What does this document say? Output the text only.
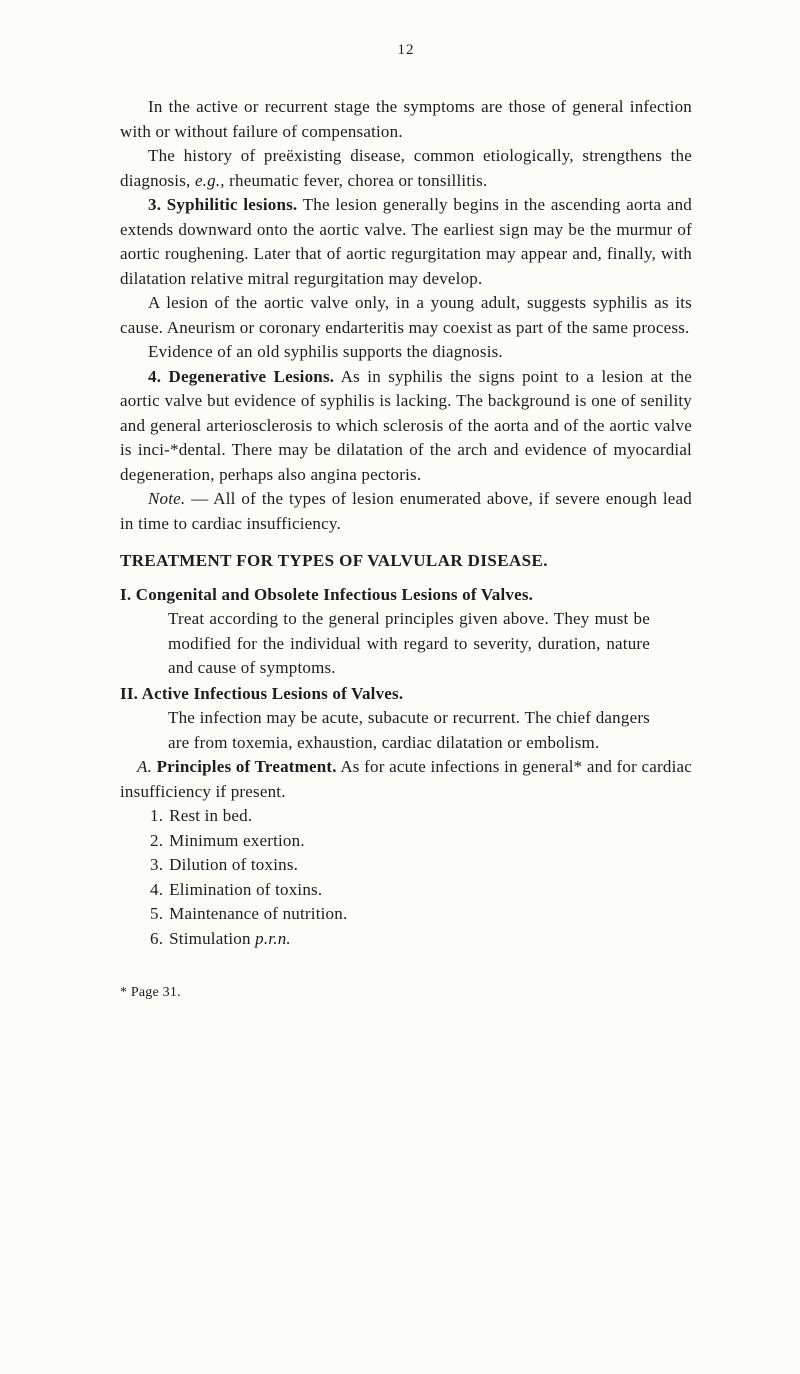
12

In the active or recurrent stage the symptoms are those of general infection with or without failure of compensation.

The history of preëxisting disease, common etiologically, strengthens the diagnosis, e.g., rheumatic fever, chorea or tonsillitis.

3. Syphilitic lesions. The lesion generally begins in the ascending aorta and extends downward onto the aortic valve. The earliest sign may be the murmur of aortic roughening. Later that of aortic regurgitation may appear and, finally, with dilatation relative mitral regurgitation may develop.

A lesion of the aortic valve only, in a young adult, suggests syphilis as its cause. Aneurism or coronary endarteritis may coexist as part of the same process.

Evidence of an old syphilis supports the diagnosis.

4. Degenerative Lesions. As in syphilis the signs point to a lesion at the aortic valve but evidence of syphilis is lacking. The background is one of senility and general arteriosclerosis to which sclerosis of the aorta and of the aortic valve is inci-*dental. There may be dilatation of the arch and evidence of myocardial degeneration, perhaps also angina pectoris.

Note. — All of the types of lesion enumerated above, if severe enough lead in time to cardiac insufficiency.

TREATMENT FOR TYPES OF VALVULAR DISEASE.

I. Congenital and Obsolete Infectious Lesions of Valves.

Treat according to the general principles given above. They must be modified for the individual with regard to severity, duration, nature and cause of symptoms.

II. Active Infectious Lesions of Valves.

The infection may be acute, subacute or recurrent. The chief dangers are from toxemia, exhaustion, cardiac dilatation or embolism.

A. Principles of Treatment. As for acute infections in general* and for cardiac insufficiency if present.

1. Rest in bed.

2. Minimum exertion.

3. Dilution of toxins.

4. Elimination of toxins.

5. Maintenance of nutrition.

6. Stimulation p.r.n.

* Page 31.
